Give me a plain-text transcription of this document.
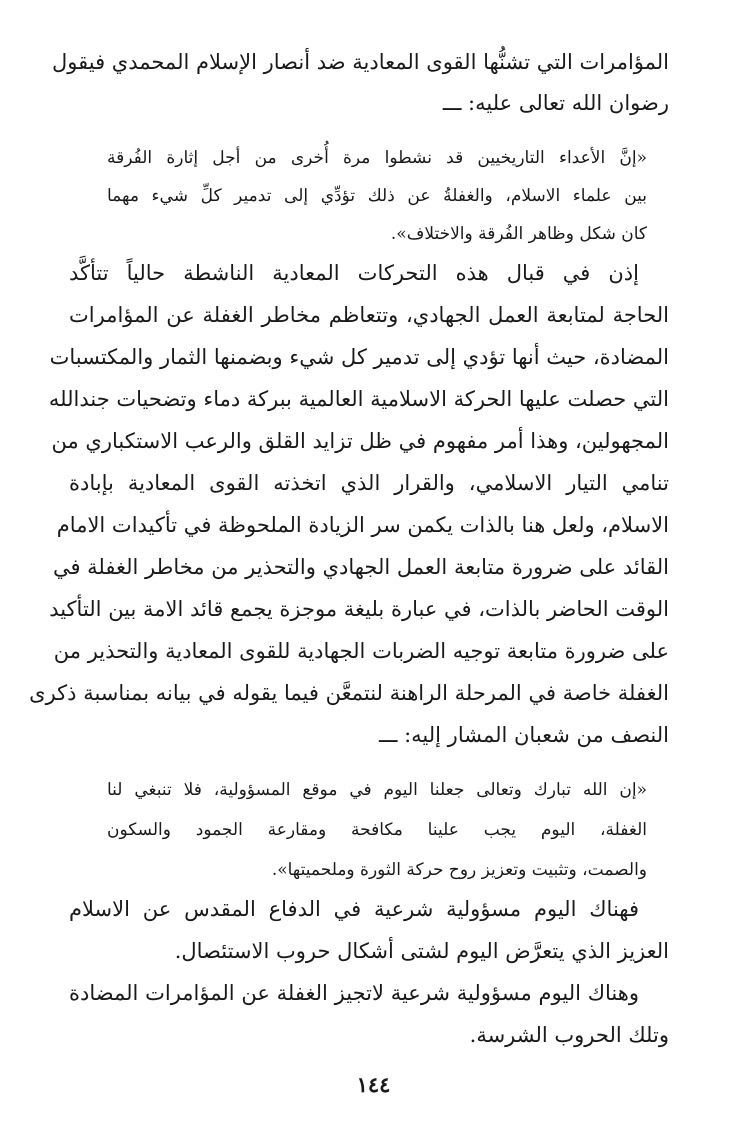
المؤامرات التي تشنُّها القوى المعادية ضد أنصار الإسلام المحمدي فيقول
رضوان الله تعالى عليه: ـــ
«إنَّ الأعداء التاريخيين قد نشطوا مرة أُخرى من أجل إثارة الفُرقة
بين علماء الاسلام، والغفلةُ عن ذلك تؤدِّي إلى تدمير كلِّ شيء مهما
كان شكل وظاهر الفُرقة والاختلاف».
إذن في قبال هذه التحركات المعادية الناشطة حالياً تتأكَّد
الحاجة لمتابعة العمل الجهادي، وتتعاظم مخاطر الغفلة عن المؤامرات
المضادة، حيث أنها تؤدي إلى تدمير كل شيء وبضمنها الثمار والمكتسبات
التي حصلت عليها الحركة الاسلامية العالمية ببركة دماء وتضحيات جندالله
المجهولين، وهذا أمر مفهوم في ظل تزايد القلق والرعب الاستكباري من
تنامي التيار الاسلامي، والقرار الذي اتخذته القوى المعادية بإبادة
الاسلام، ولعل هنا بالذات يكمن سر الزيادة الملحوظة في تأكيدات الامام
القائد على ضرورة متابعة العمل الجهادي والتحذير من مخاطر الغفلة في
الوقت الحاضر بالذات، في عبارة بليغة موجزة يجمع قائد الامة بين التأكيد
على ضرورة متابعة توجيه الضربات الجهادية للقوى المعادية والتحذير من
الغفلة خاصة في المرحلة الراهنة لنتمعَّن فيما يقوله في بيانه بمناسبة ذكرى
النصف من شعبان المشار إليه: ـــ
«إن الله تبارك وتعالى جعلنا اليوم في موقع المسؤولية، فلا تنبغي لنا
الغفلة، اليوم يجب علينا مكافحة ومقارعة الجمود والسكون
والصمت، وتثبيت وتعزيز روح حركة الثورة وملحميتها».
فهناك اليوم مسؤولية شرعية في الدفاع المقدس عن الاسلام
العزيز الذي يتعرَّض اليوم لشتى أشكال حروب الاستئصال.
وهناك اليوم مسؤولية شرعية لاتجيز الغفلة عن المؤامرات المضادة
وتلك الحروب الشرسة.
١٤٤
